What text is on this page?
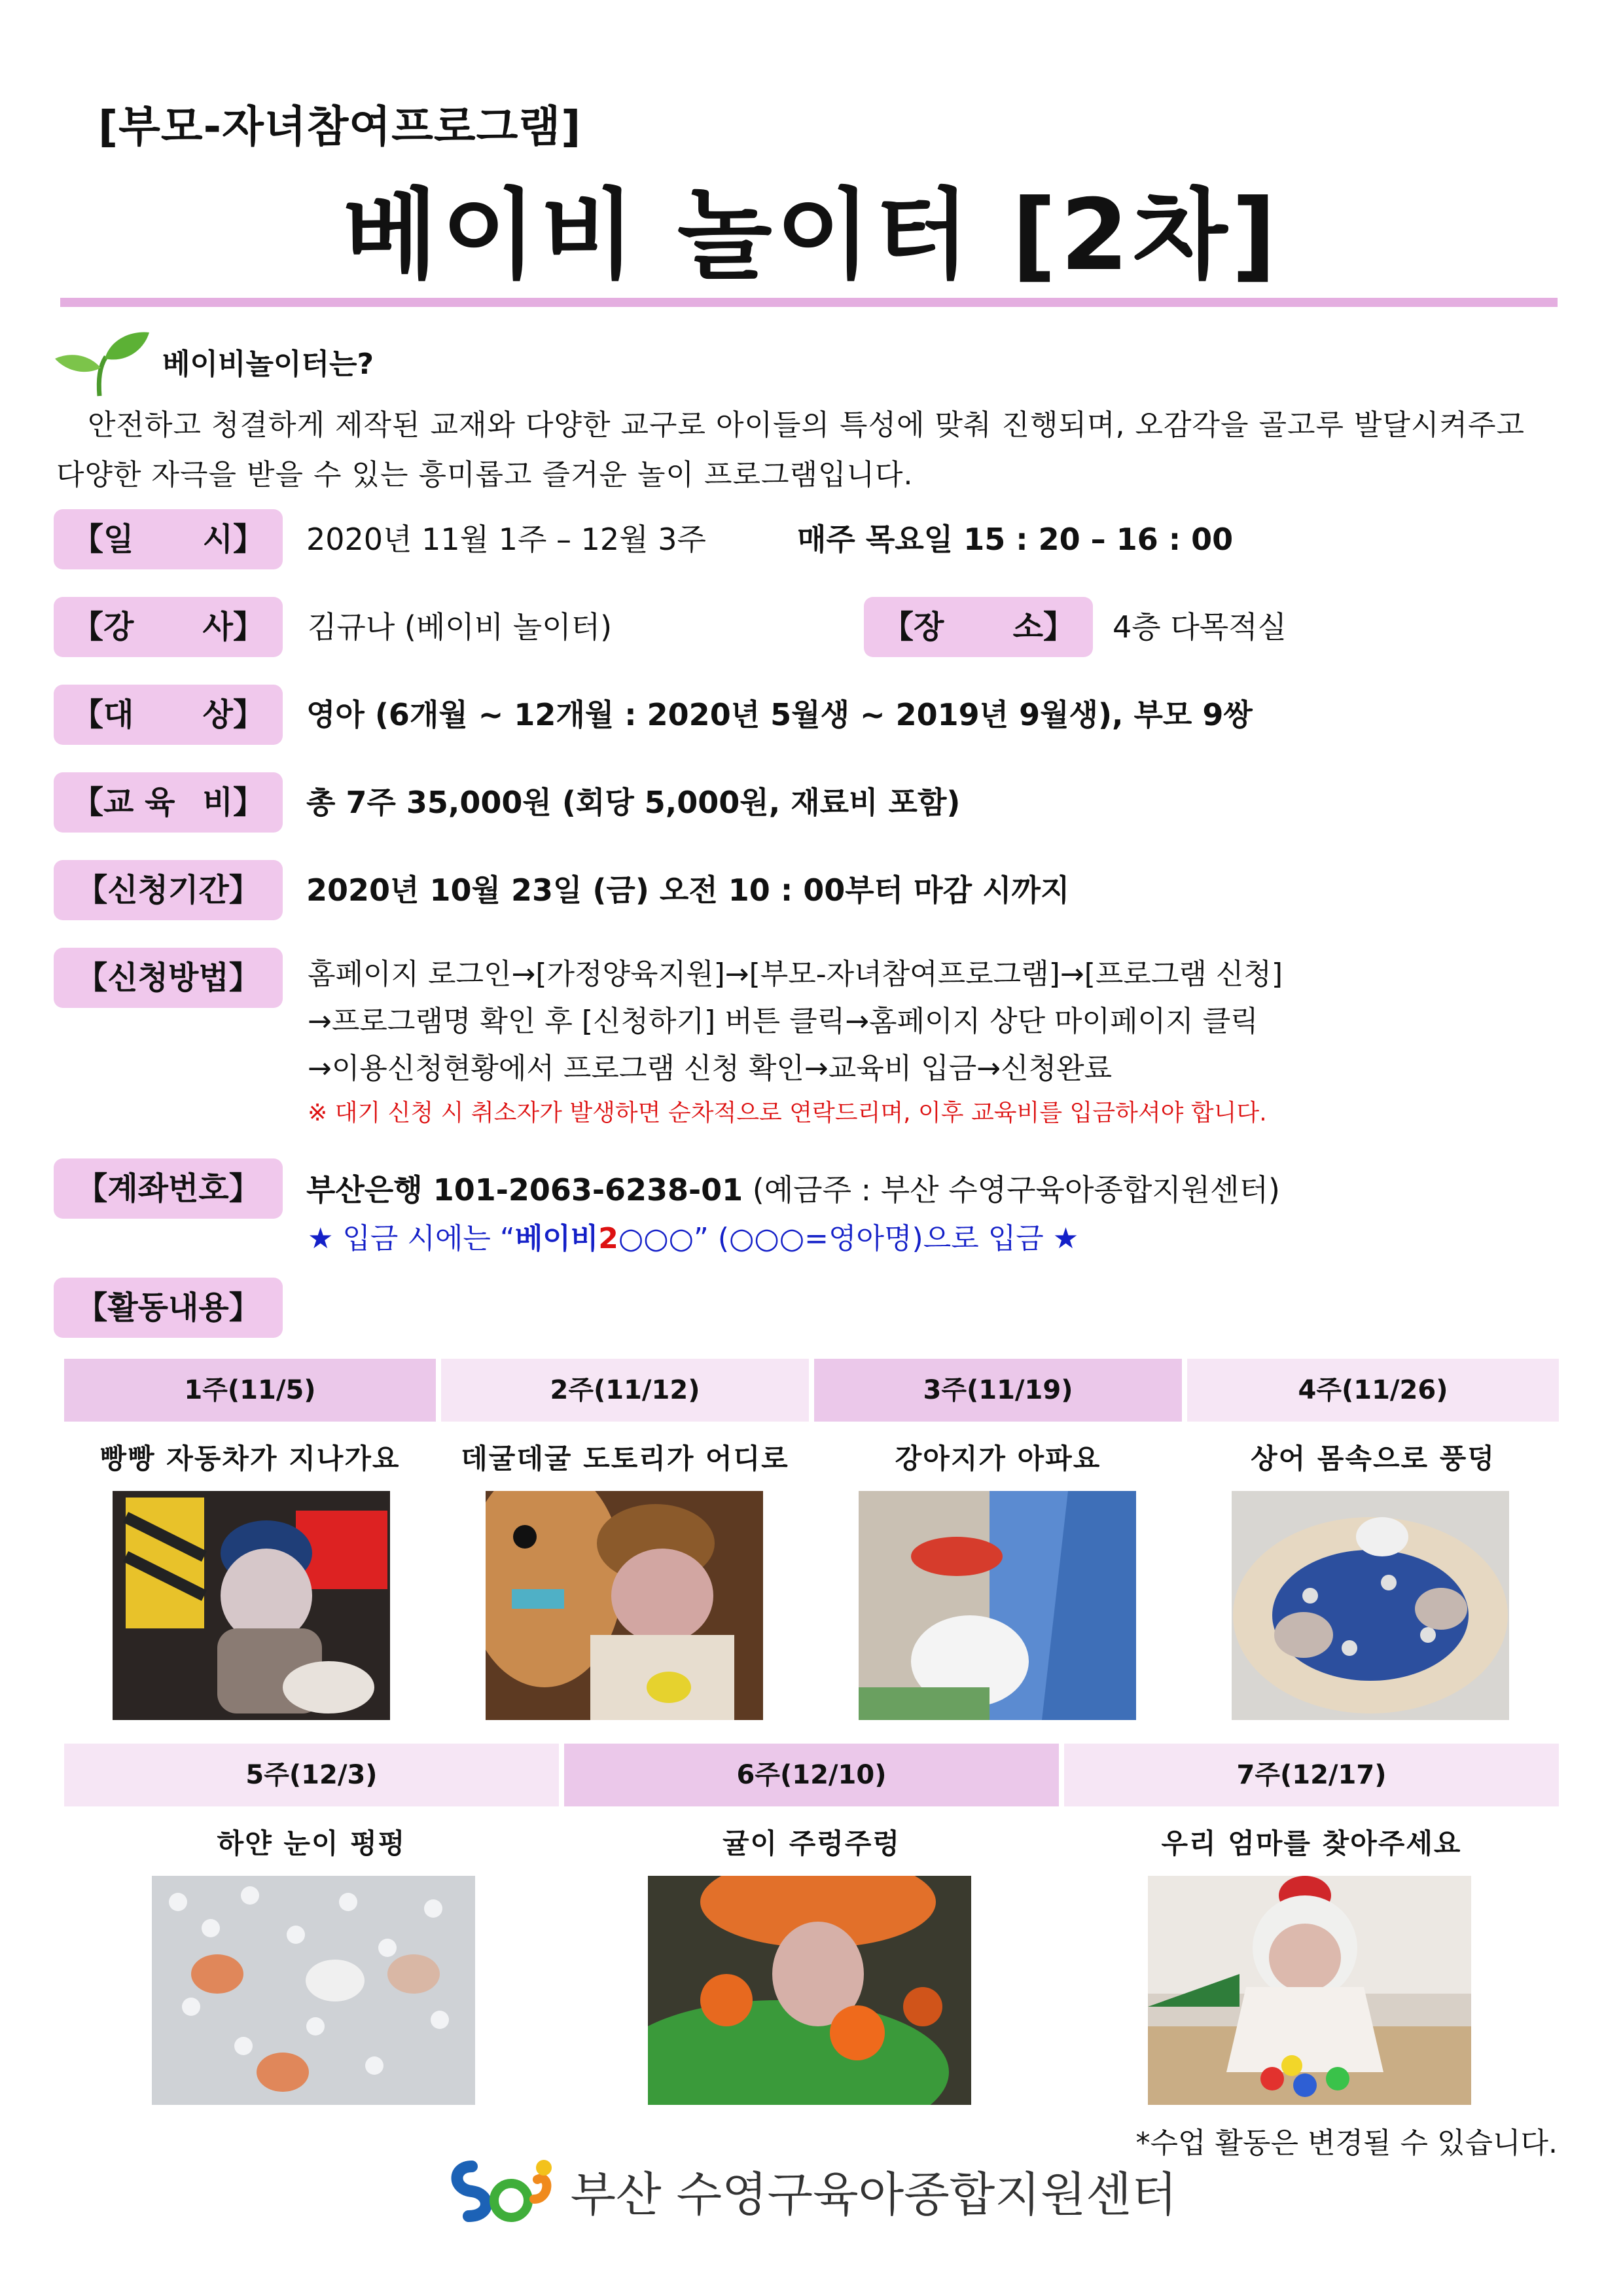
[부모-자녀참여프로그램]
베이비 놀이터 [2차]
베이비놀이터는?
안전하고 청결하게 제작된 교재와 다양한 교구로 아이들의 특성에 맞춰 진행되며, 오감각을 골고루 발달시켜주고 다양한 자극을 받을 수 있는 흥미롭고 즐거운 놀이 프로그램입니다.
【일 시】 2020년 11월 1주 – 12월 3주	매주 목요일 15 : 20 – 16 : 00
【강 사】 김규나 (베이비 놀이터)	【장 소】 4층 다목적실
【대 상】 영아 (6개월 ~ 12개월 : 2020년 5월생 ~ 2019년 9월생), 부모 9쌍
【교 육 비】 총 7주 35,000원 (회당 5,000원, 재료비 포함)
【신청기간】 2020년 10월 23일 (금) 오전 10 : 00부터 마감 시까지
【신청방법】 홈페이지 로그인→[가정양육지원]→[부모-자녀참여프로그램]→[프로그램 신청]
→프로그램명 확인 후 [신청하기] 버튼 클릭→홈페이지 상단 마이페이지 클릭
→이용신청현황에서 프로그램 신청 확인→교육비 입금→신청완료
※ 대기 신청 시 취소자가 발생하면 순차적으로 연락드리며, 이후 교육비를 입금하셔야 합니다.
【계좌번호】 부산은행 101-2063-6238-01 (예금주 : 부산 수영구육아종합지원센터)
★ 입금 시에는 “베이비2○○○” (○○○=영아명)으로 입금 ★
【활동내용】
1주(11/5)	2주(11/12)	3주(11/19)	4주(11/26)
빵빵 자동차가 지나가요	데굴데굴 도토리가 어디로	강아지가 아파요	상어 몸속으로 풍덩
5주(12/3)	6주(12/10)	7주(12/17)
하얀 눈이 펑펑	귤이 주렁주렁	우리 엄마를 찾아주세요
*수업 활동은 변경될 수 있습니다.
부산 수영구육아종합지원센터
